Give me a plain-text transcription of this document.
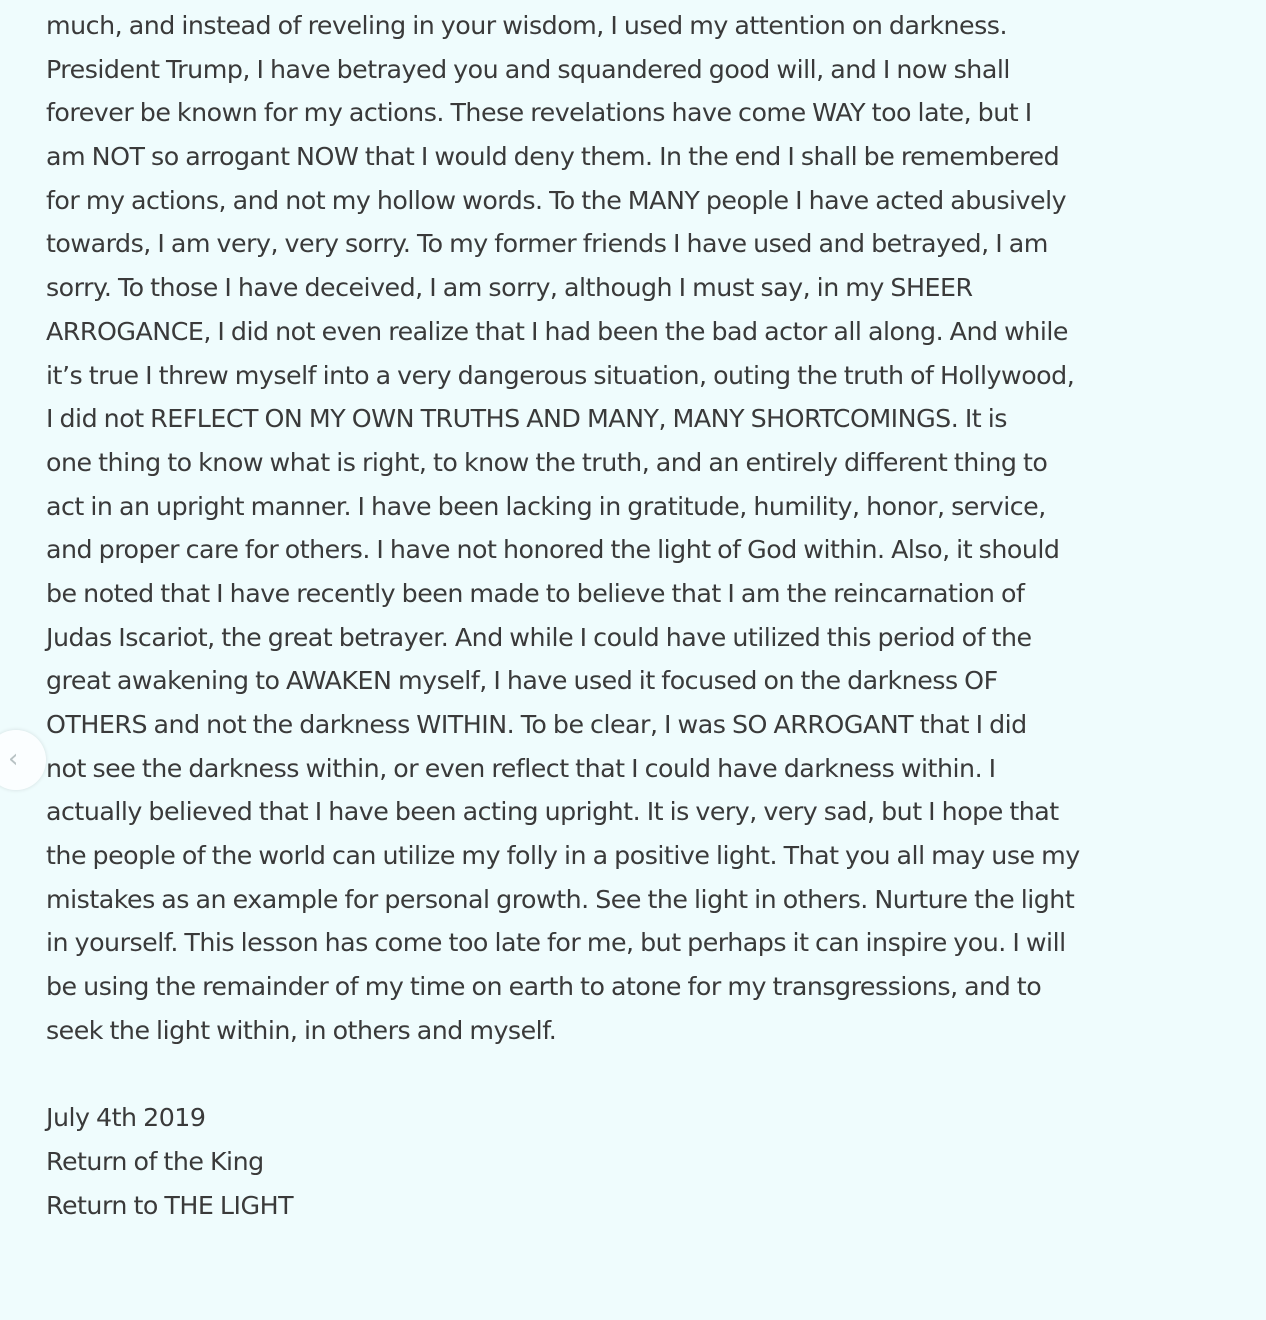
much, and instead of reveling in your wisdom, I used my attention on darkness.
President Trump, I have betrayed you and squandered good will, and I now shall
forever be known for my actions. These revelations have come WAY too late, but I
am NOT so arrogant NOW that I would deny them. In the end I shall be remembered
for my actions, and not my hollow words. To the MANY people I have acted abusively
towards, I am very, very sorry. To my former friends I have used and betrayed, I am
sorry. To those I have deceived, I am sorry, although I must say, in my SHEER
ARROGANCE, I did not even realize that I had been the bad actor all along. And while
it’s true I threw myself into a very dangerous situation, outing the truth of Hollywood,
I did not REFLECT ON MY OWN TRUTHS AND MANY, MANY SHORTCOMINGS. It is
one thing to know what is right, to know the truth, and an entirely different thing to
act in an upright manner. I have been lacking in gratitude, humility, honor, service,
and proper care for others. I have not honored the light of God within. Also, it should
be noted that I have recently been made to believe that I am the reincarnation of
Judas Iscariot, the great betrayer. And while I could have utilized this period of the
great awakening to AWAKEN myself, I have used it focused on the darkness OF
OTHERS and not the darkness WITHIN. To be clear, I was SO ARROGANT that I did
not see the darkness within, or even reflect that I could have darkness within. I
actually believed that I have been acting upright. It is very, very sad, but I hope that
the people of the world can utilize my folly in a positive light. That you all may use my
mistakes as an example for personal growth. See the light in others. Nurture the light
in yourself. This lesson has come too late for me, but perhaps it can inspire you. I will
be using the remainder of my time on earth to atone for my transgressions, and to
seek the light within, in others and myself.
July 4th 2019
Return of the King
Return to THE LIGHT
‹
